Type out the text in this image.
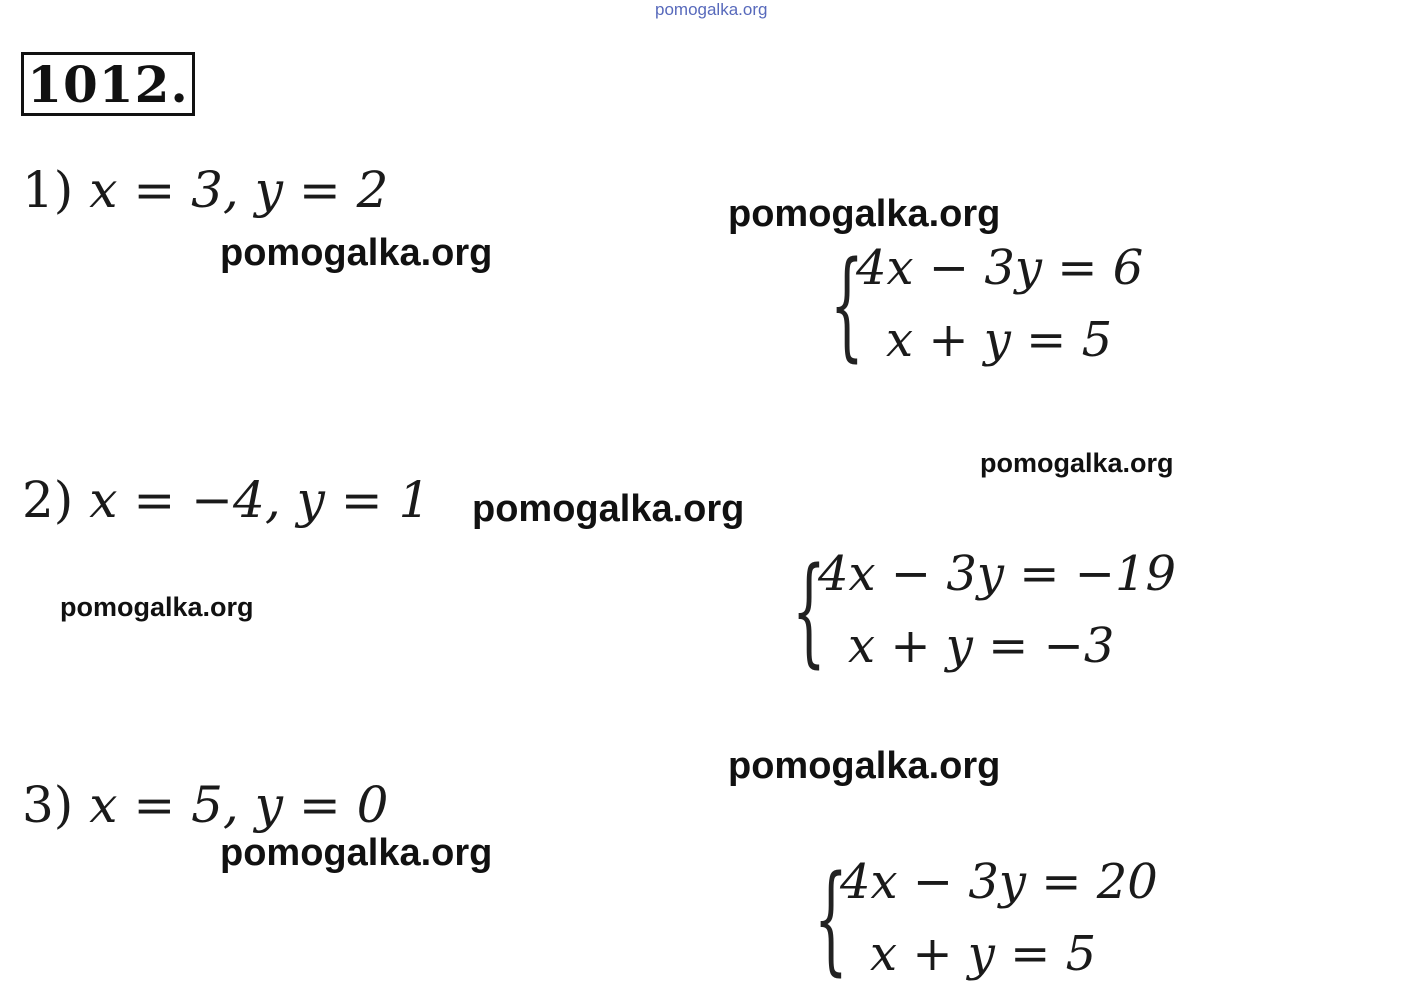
pomogalka.org
1012.
1) x = 3, y = 2
2) x = −4, y = 1
3) x = 5, y = 0
pomogalka.org
pomogalka.org
pomogalka.org
pomogalka.org
pomogalka.org
pomogalka.org
pomogalka.org
{
4x − 3y = 6
x + y = 5
{
4x − 3y = −19
x + y = −3
{
4x − 3y = 20
x + y = 5
